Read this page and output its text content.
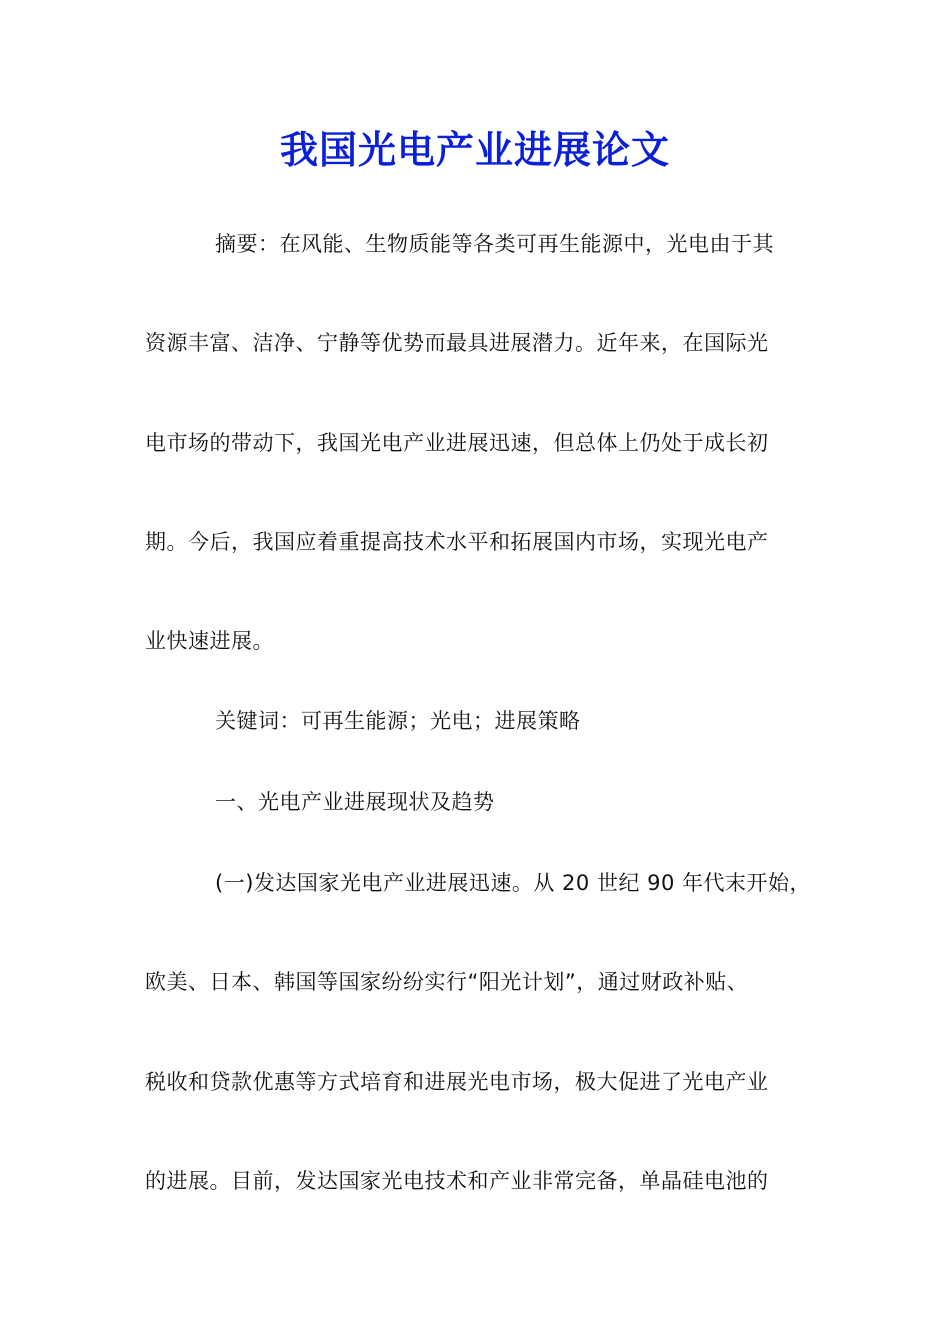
我国光电产业进展论文
摘要：在风能、生物质能等各类可再生能源中，光电由于其
资源丰富、洁净、宁静等优势而最具进展潜力。近年来，在国际光
电市场的带动下，我国光电产业进展迅速，但总体上仍处于成长初
期。今后，我国应着重提高技术水平和拓展国内市场，实现光电产
业快速进展。
关键词：可再生能源；光电；进展策略
一、光电产业进展现状及趋势
(一)发达国家光电产业进展迅速。从 20 世纪 90 年代末开始，
欧美、日本、韩国等国家纷纷实行“阳光计划”，通过财政补贴、
税收和贷款优惠等方式培育和进展光电市场，极大促进了光电产业
的进展。目前，发达国家光电技术和产业非常完备，单晶硅电池的
